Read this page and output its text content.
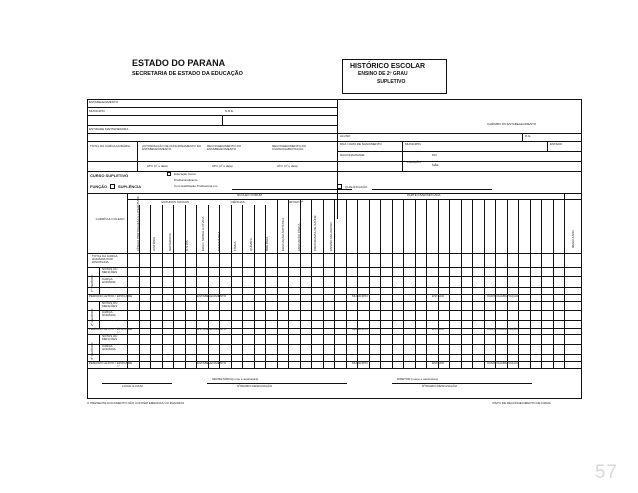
ESTADO DO PARANA
SECRETARIA DE ESTADO DA EDUCAÇÃO
HISTÓRICO ESCOLAR
ENSINO DE 2º GRAU
SUPLETIVO
CARIMBO DO ESTABELECIMENTO
ESTABELECIMENTO
MUNICIPIO	N.R.E.
ENTIDADE MANTENEDORA
ALUNO	R.G.
RNA / DATA DE NASCIMENTO	MUNICIPIO	ESTADO
NACIONALIDADE
FILIAÇÃO
PAI
MÃE
TOTAL DA CARGA HORÁRIA	AUTORIZAÇÃO DE FUNCIONAMENTO DO ESTABELECIMENTO
RECONHECIMENTO DO ESTABELECIMENTO
RECONHECIMENTO DO CURSO/HABILITAÇÃO
ATO (nº e data)	ATO (nº e data)	ATO (nº e data)
CURSO SUPLETIVO
FUNÇÃO	SUPLÊNCIA
Educação Geral
Profissionalizante
Com Habilitação Profissional em	QUALIFICAÇÃO
NÚCLEO COMUM	PARTE DIVERSIFICADA
CURRÍCULO PLENO
ESTUDOS SOCIAIS	CIÊNCIAS	ARTIGO 7º
RESULTADO
LÍNGUA PORTUGUESA E LITERATURA	HISTÓRIA	GEOGRAFIA	O.S.P.B.	EDUC. MORAL E CÍVICA	MATEMÁTICA	FÍSICA	QUÍMICA	BIOLOGIA	EDUCAÇÃO ARTÍSTICA	EDUCAÇÃO FÍSICA	PROGRAMAS DE SAÚDE	ENSINO RELIGIOSO
TOTAL DA CARGA HORÁRIA POR DISCIPLINA
1º PERÍODO
NOTAS OU MENÇÕES
CARGA HORÁRIA
PERÍODO LETIVO / ÉPOCA DE	ESTABELECIMENTO	MUNICIPIO	ESTADO	CURSO/HABILITAÇÃO
/ /
2º PERÍODO
NOTAS OU MENÇÕES
CARGA HORÁRIA
PERÍODO LETIVO / ÉPOCA DE	ESTABELECIMENTO	MUNICIPIO	ESTADO	CURSO/HABILITAÇÃO
/ /
3º PERÍODO
NOTAS OU MENÇÕES
CARGA HORÁRIA
PERÍODO LETIVO / ÉPOCA DE	ESTABELECIMENTO	MUNICIPIO	ESTADO	CURSO/HABILITAÇÃO
/ /
LOCAL E DATA
SECRETÁRIO(nome e assinatura)
Nº/DIARIO DESIGNAÇÃO
DIRETOR (nome e assinatura)
Nº/DIARIO DESIGNAÇÃO
O PRESENTE DOCUMENTO NÃO CONTÉM EMENDAS OU RASURAS	VISTO DE RECONHECIMENTO DE FIRMA
57
